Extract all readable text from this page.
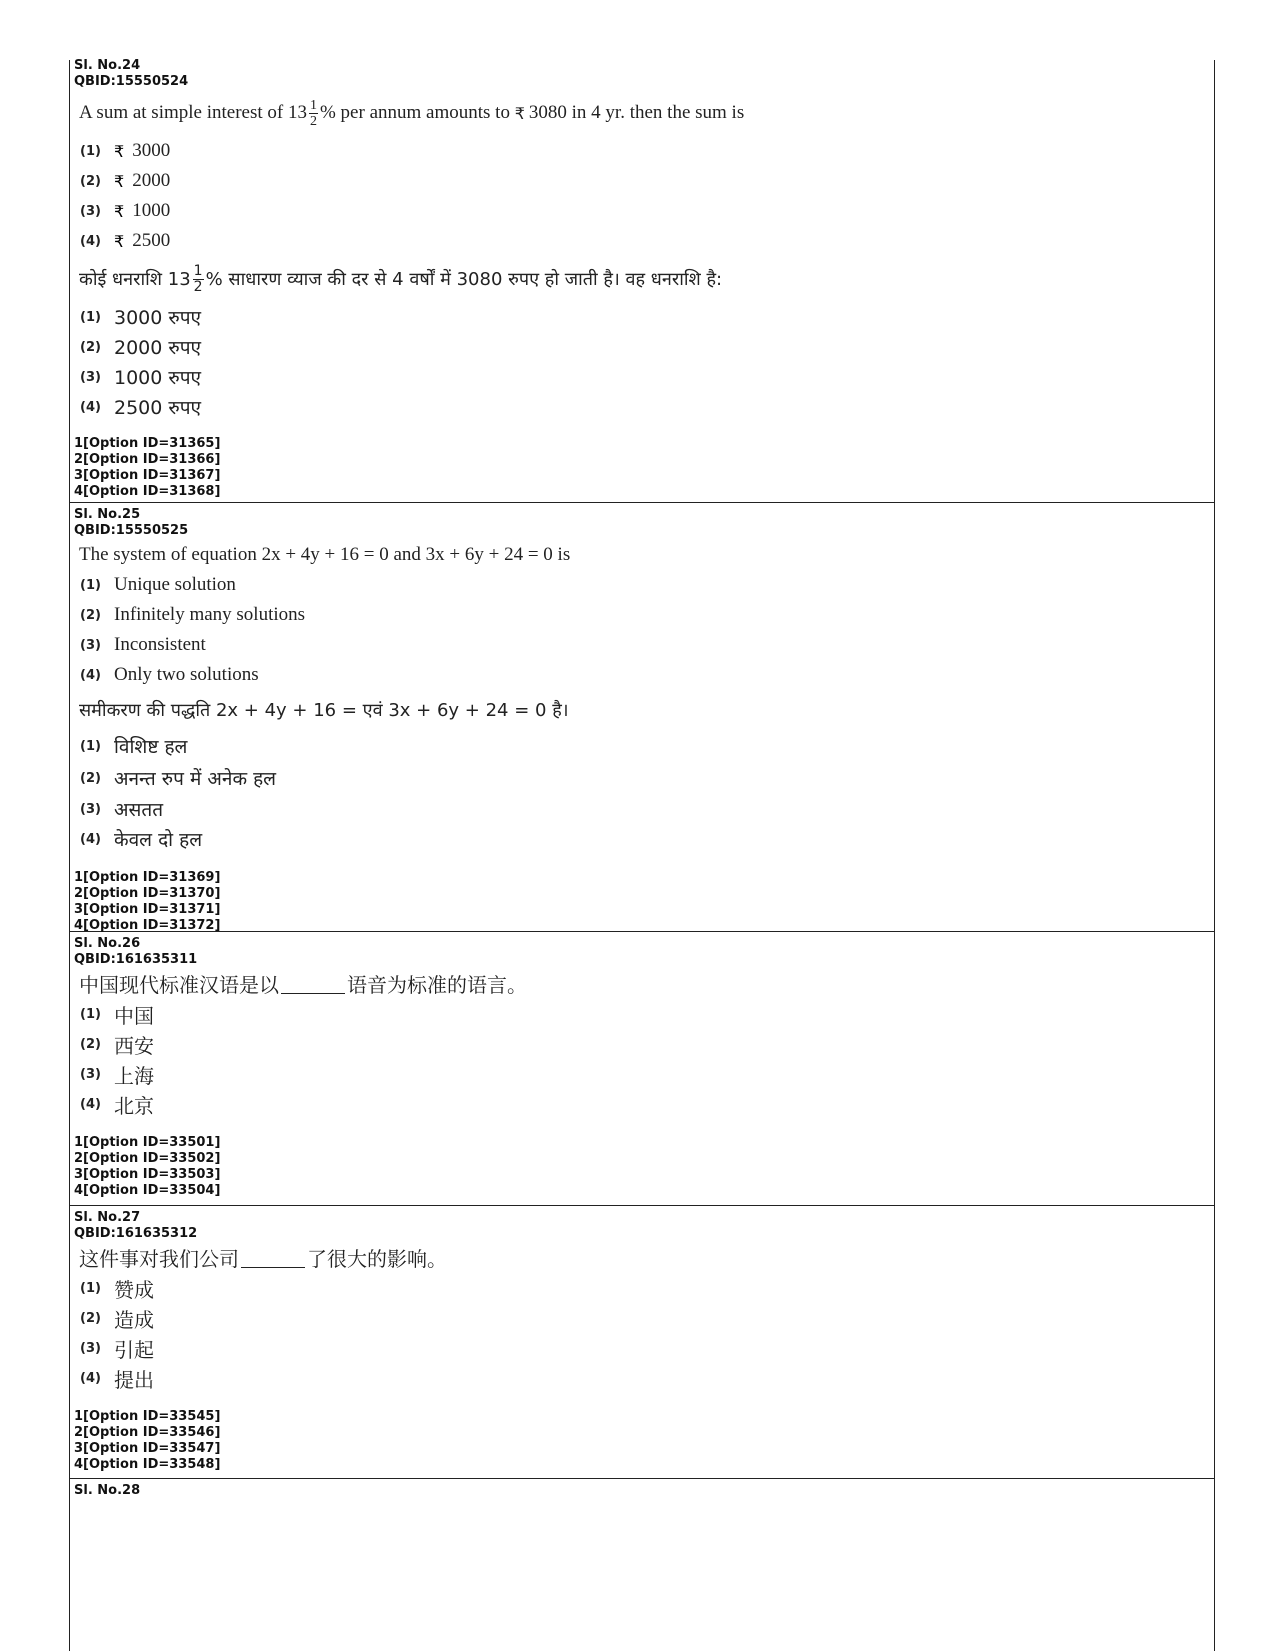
Sl. No.24
QBID:15550524
A sum at simple interest of
$13 \frac{1}{2}$ % per annum amounts to
₹ 3080 in 4 yr. then the sum is
(1) ₹ 3000
(2) ₹ 2000
(3) ₹ 1000
(4) ₹ 2500
कोई धनराशि
$13 \frac{1}{2}$ % साधारण व्याज की दर से 4 वर्षों में 3080 रुपए हो जाती है। वह धनराशि है:
(1) 3000 रुपए
(2) 2000 रुपए
(3) 1000 रुपए
(4) 2500 रुपए
1[Option ID=31365]
2[Option ID=31366]
3[Option ID=31367]
4[Option ID=31368]
Sl. No.25
QBID:15550525
The system of equation 2x + 4y + 16 = 0 and 3x + 6y + 24 = 0 is
(1) Unique solution
(2) Infinitely many solutions
(3) Inconsistent
(4) Only two solutions
समीकरण की पद्धति 2x + 4y + 16 = एवं 3x + 6y + 24 = 0 है।
(1) विशिष्ट हल
(2) अनन्त रुप में अनेक हल
(3) असतत
(4) केवल दो हल
1[Option ID=31369]
2[Option ID=31370]
3[Option ID=31371]
4[Option ID=31372]
Sl. No.26
QBID:161635311
中国现代标准汉语是以	语音为标准的语言。
(1) 中国
(2) 西安
(3) 上海
(4) 北京
1[Option ID=33501]
2[Option ID=33502]
3[Option ID=33503]
4[Option ID=33504]
Sl. No.27
QBID:161635312
这件事对我们公司	了很大的影响。
(1) 赞成
(2) 造成
(3) 引起
(4) 提出
1[Option ID=33545]
2[Option ID=33546]
3[Option ID=33547]
4[Option ID=33548]
Sl. No.28
